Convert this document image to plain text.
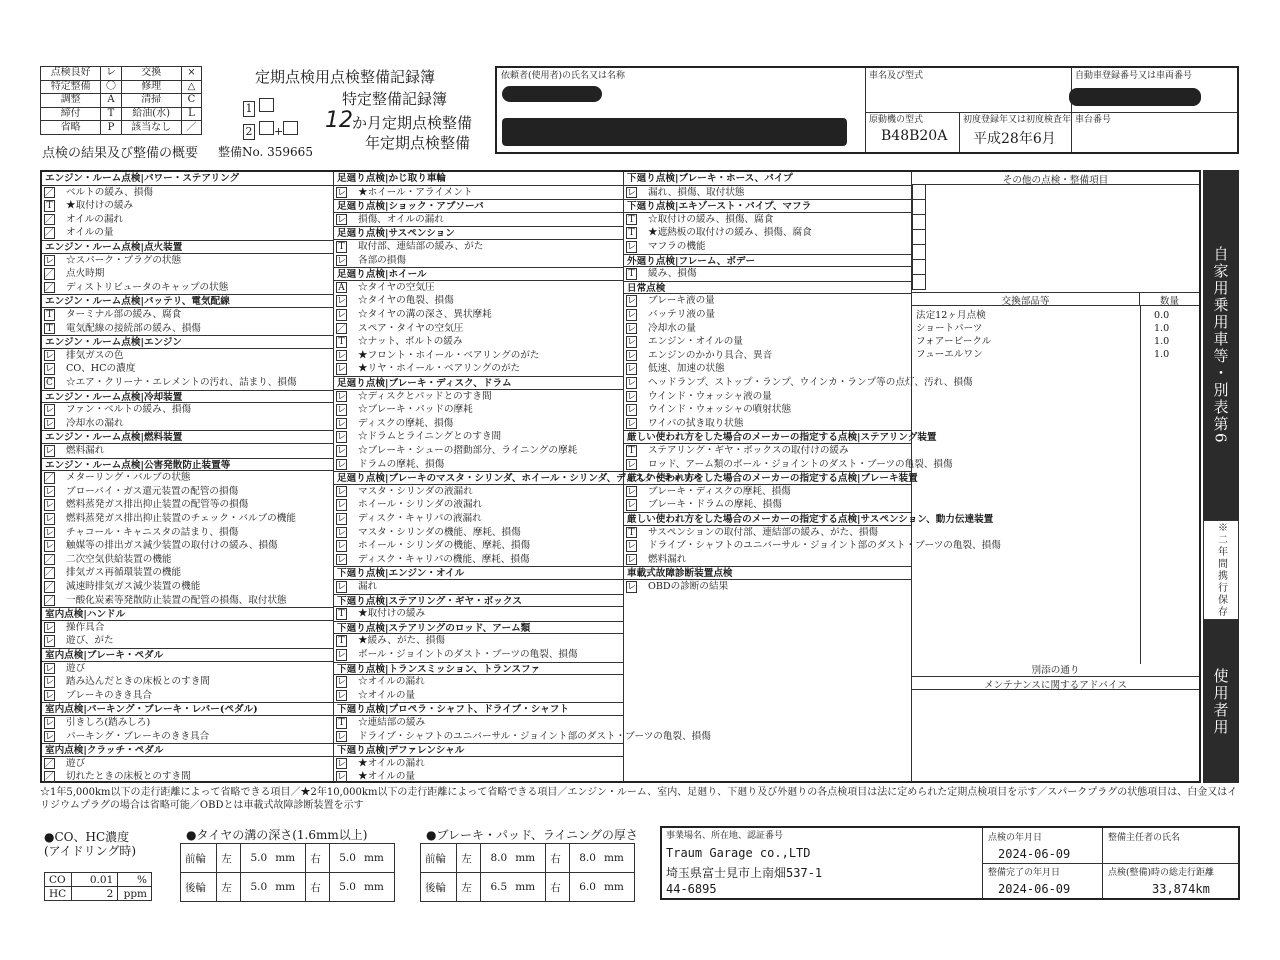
点検良好	レ	交換	×
特定整備	〇	修理	△
調整	A	清掃	C
締付	T	給油(水)	L
省略	P	該当なし	／
定期点検用点検整備記録簿
特定整備記録簿
1
2 +	12 か月定期点検整備
年定期点検整備
点検の結果及び整備の概要 整備No. 359665
依頼者(使用者)の氏名又は名称	車名及び型式	自動車登録番号又は車両番号
原動機の型式
B48B20A
初度登録年又は初度検査年
平成28年6月
車台番号
エンジン・ルーム点検|パワー・ステアリング
／ ベルトの緩み、損傷
T ★取付けの緩み
／ オイルの漏れ
／ オイルの量
エンジン・ルーム点検|点火装置
レ ☆スパーク・プラグの状態
／ 点火時期
／ ディストリビュータのキャップの状態
エンジン・ルーム点検|バッテリ、電気配線
T ターミナル部の緩み、腐食
T 電気配線の接続部の緩み、損傷
エンジン・ルーム点検|エンジン
レ 排気ガスの色
レ CO、HCの濃度
C ☆エア・クリーナ・エレメントの汚れ、詰まり、損傷
エンジン・ルーム点検|冷却装置
レ ファン・ベルトの緩み、損傷
レ 冷却水の漏れ
エンジン・ルーム点検|燃料装置
レ 燃料漏れ
エンジン・ルーム点検|公害発散防止装置等
／ メターリング・バルブの状態
レ ブローバイ・ガス還元装置の配管の損傷
レ 燃料蒸発ガス排出抑止装置の配管等の損傷
レ 燃料蒸発ガス排出抑止装置のチェック・バルブの機能
レ チャコール・キャニスタの詰まり、損傷
レ 触媒等の排出ガス減少装置の取付けの緩み、損傷
／ 二次空気供給装置の機能
／ 排気ガス再循環装置の機能
／ 減速時排気ガス減少装置の機能
／ 一酸化炭素等発散防止装置の配管の損傷、取付状態
室内点検|ハンドル
レ 操作具合
レ 遊び、がた
室内点検|ブレーキ・ペダル
レ 遊び
レ 踏み込んだときの床板とのすき間
レ ブレーキのきき具合
室内点検|パーキング・ブレーキ・レバー(ペダル)
レ 引きしろ(踏みしろ)
レ パーキング・ブレーキのきき具合
室内点検|クラッチ・ペダル
／ 遊び
／ 切れたときの床板とのすき間
足廻り点検|かじ取り車輪
レ ★ホイール・アライメント
足廻り点検|ショック・アブソーバ
レ 損傷、オイルの漏れ
足廻り点検|サスペンション
T 取付部、連結部の緩み、がた
レ 各部の損傷
足廻り点検|ホイール
A ☆タイヤの空気圧
レ ☆タイヤの亀裂、損傷
レ ☆タイヤの溝の深さ、異状摩耗
／ スペア・タイヤの空気圧
T ☆ナット、ボルトの緩み
レ ★フロント・ホイール・ベアリングのがた
レ ★リヤ・ホイール・ベアリングのがた
足廻り点検|ブレーキ・ディスク、ドラム
レ ☆ディスクとパッドとのすき間
レ ☆ブレーキ・パッドの摩耗
レ ディスクの摩耗、損傷
レ ☆ドラムとライニングとのすき間
レ ☆ブレーキ・シューの摺動部分、ライニングの摩耗
レ ドラムの摩耗、損傷
足廻り点検|ブレーキのマスタ・シリンダ、ホイール・シリンダ、ディスク・キャリパ
レ マスタ・シリンダの液漏れ
レ ホイール・シリンダの液漏れ
レ ディスク・キャリパの液漏れ
レ マスタ・シリンダの機能、摩耗、損傷
レ ホイール・シリンダの機能、摩耗、損傷
レ ディスク・キャリパの機能、摩耗、損傷
下廻り点検|エンジン・オイル
レ 漏れ
下廻り点検|ステアリング・ギヤ・ボックス
T ★取付けの緩み
下廻り点検|ステアリングのロッド、アーム類
T ★緩み、がた、損傷
レ ボール・ジョイントのダスト・ブーツの亀裂、損傷
下廻り点検|トランスミッション、トランスファ
レ ☆オイルの漏れ
レ ☆オイルの量
下廻り点検|プロペラ・シャフト、ドライブ・シャフト
T ☆連結部の緩み
レ ドライブ・シャフトのユニバーサル・ジョイント部のダスト・ブーツの亀裂、損傷
下廻り点検|デファレンシャル
レ ★オイルの漏れ
レ ★オイルの量
下廻り点検|ブレーキ・ホース、パイプ
レ 漏れ、損傷、取付状態
下廻り点検|エキゾースト・パイプ、マフラ
T ☆取付けの緩み、損傷、腐食
T ★遮熱板の取付けの緩み、損傷、腐食
レ マフラの機能
外廻り点検|フレーム、ボデー
T 緩み、損傷
日常点検
レ ブレーキ液の量
レ バッテリ液の量
レ 冷却水の量
レ エンジン・オイルの量
レ エンジンのかかり具合、異音
レ 低速、加速の状態
レ ヘッドランプ、ストップ・ランプ、ウインカ・ランプ等の点灯、汚れ、損傷
レ ウインド・ウォッシャ液の量
レ ウインド・ウォッシャの噴射状態
レ ワイパの拭き取り状態
厳しい使われ方をした場合のメーカーの指定する点検|ステアリング装置
T ステアリング・ギヤ・ボックスの取付けの緩み
レ ロッド、アーム類のボール・ジョイントのダスト・ブーツの亀裂、損傷
厳しい使われ方をした場合のメーカーの指定する点検|ブレーキ装置
レ ブレーキ・ディスクの摩耗、損傷
レ ブレーキ・ドラムの摩耗、損傷
厳しい使われ方をした場合のメーカーの指定する点検|サスペンション、動力伝達装置
T サスペンションの取付部、連結部の緩み、がた、損傷
レ ドライブ・シャフトのユニバーサル・ジョイント部のダスト・ブーツの亀裂、損傷
レ 燃料漏れ
車載式故障診断装置点検
レ OBDの診断の結果
その他の点検・整備項目
交換部品等	数量
法定12ヶ月点検	0.0
ショートパーツ	1.0
フォアービークル	1.0
フューエルワン	1.0
別添の通り
メンテナンスに関するアドバイス
自家用乗用車等・別表第6
※二年間携行保存
使用者用
☆1年5,000km以下の走行距離によって省略できる項目／★2年10,000km以下の走行距離によって省略できる項目／エンジン・ルーム、室内、足廻り、下廻り及び外廻りの各点検項目は法に定められた定期点検項目を示す／スパークプラグの状態項目は、白金又はイリジウムプラグの場合は省略可能／OBDとは車載式故障診断装置を示す
●CO、HC濃度
(アイドリング時)
CO	0.01	%
HC	2	ppm
●タイヤの溝の深さ(1.6mm以上)
前輪	左	5.0	mm	右	5.0	mm
後輪	左	5.0	mm	右	5.0	mm
●ブレーキ・パッド、ライニングの厚さ
前輪	左	8.0	mm	右	8.0	mm
後輪	左	6.5	mm	右	6.0	mm
事業場名、所在地、認証番号
Traum Garage co.,LTD
埼玉県富士見市上南畑537-1
44-6895
点検の年月日
2024-06-09
整備完了の年月日
2024-06-09
整備主任者の氏名
点検(整備)時の総走行距離
33,874km
